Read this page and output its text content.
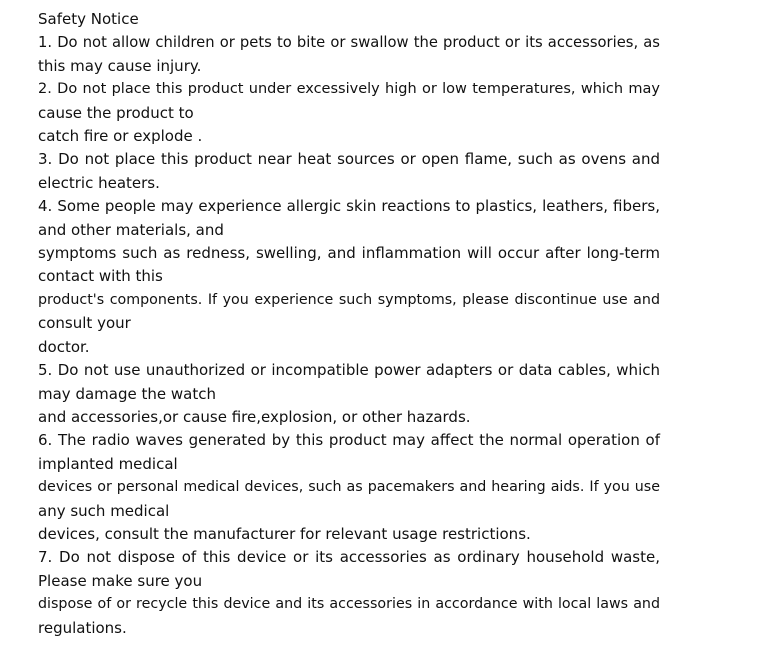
Safety Notice
1. Do not allow children or pets to bite or swallow the product or its accessories, as
this may cause injury.
2. Do not place this product under excessively high or low temperatures, which may
cause the product to
catch fire or explode .
3. Do not place this product near heat sources or open flame, such as ovens and
electric heaters.
4. Some people may experience allergic skin reactions to plastics, leathers, fibers,
and other materials, and
symptoms such as redness, swelling, and inflammation will occur after long-term
contact with this
product's components. If you experience such symptoms, please discontinue use and
consult your
doctor.
5. Do not use unauthorized or incompatible power adapters or data cables, which
may damage the watch
and accessories,or cause fire,explosion, or other hazards.
6. The radio waves generated by this product may affect the normal operation of
implanted medical
devices or personal medical devices, such as pacemakers and hearing aids. If you use
any such medical
devices, consult the manufacturer for relevant usage restrictions.
7. Do not dispose of this device or its accessories as ordinary household waste,
Please make sure you
dispose of or recycle this device and its accessories in accordance with local laws and
regulations.
